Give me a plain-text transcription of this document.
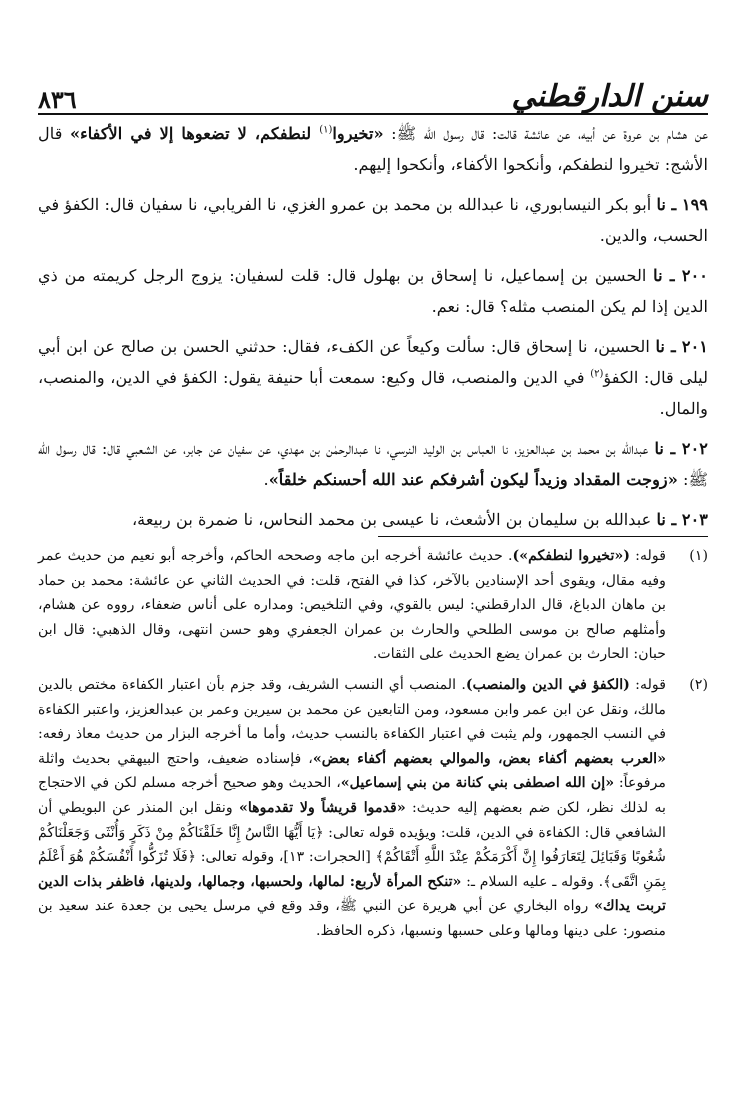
سنن الدارقطني
٨٣٦

عن هشام بن عروة عن أبيه، عن عائشة قالت: قال رسول الله ﷺ: «تخيروا$^{(١)}$ لنطفكم، لا تضعوها إلا في الأكفاء» قال الأشج: تخيروا لنطفكم، وأنكحوا الأكفاء، وأنكحوا إليهم.

١٩٩ ـ نا أبو بكر النيسابوري، نا عبدالله بن محمد بن عمرو الغزي، نا الفريابي، نا سفيان قال: الكفؤ في الحسب، والدين.

٢٠٠ ـ نا الحسين بن إسماعيل، نا إسحاق بن بهلول قال: قلت لسفيان: يزوج الرجل كريمته من ذي الدين إذا لم يكن المنصب مثله؟ قال: نعم.

٢٠١ ـ نا الحسين، نا إسحاق قال: سألت وكيعاً عن الكفء، فقال: حدثني الحسن بن صالح عن ابن أبي ليلى قال: الكفؤ$^{(٢)}$ في الدين والمنصب، قال وكيع: سمعت أبا حنيفة يقول: الكفؤ في الدين، والمنصب، والمال.

٢٠٢ ـ نا عبدالله بن محمد بن عبدالعزيز، نا العباس بن الوليد النرسي، نا عبدالرحمٰن بن مهدي، عن سفيان عن جابر، عن الشعبي قال: قال رسول الله ﷺ: «زوجت المقداد وزيداً ليكون أشرفكم عند الله أحسنكم خلقاً».

٢٠٣ ـ نا عبدالله بن سليمان بن الأشعث، نا عيسى بن محمد النحاس، نا ضمرة بن ربيعة،

(١)
قوله: («تخيروا لنطفكم»). حديث عائشة أخرجه ابن ماجه وصححه الحاكم، وأخرجه أبو نعيم من حديث عمر وفيه مقال، ويقوى أحد الإسنادين بالآخر، كذا في الفتح، قلت: في الحديث الثاني عن عائشة: محمد بن حماد بن ماهان الدباغ، قال الدارقطني: ليس بالقوي، وفي التلخيص: ومداره على أناس ضعفاء، رووه عن هشام، وأمثلهم صالح بن موسى الطلحي والحارث بن عمران الجعفري وهو حسن انتهى، وقال الذهبي: قال ابن حبان: الحارث بن عمران يضع الحديث على الثقات.
(٢)
قوله: (الكفؤ في الدين والمنصب). المنصب أي النسب الشريف، وقد جزم بأن اعتبار الكفاءة مختص بالدين مالك، ونقل عن ابن عمر وابن مسعود، ومن التابعين عن محمد بن سيرين وعمر بن عبدالعزيز، واعتبر الكفاءة في النسب الجمهور، ولم يثبت في اعتبار الكفاءة بالنسب حديث، وأما ما أخرجه البزار من حديث معاذ رفعه: «العرب بعضهم أكفاء بعض، والموالي بعضهم أكفاء بعض»، فإسناده ضعيف، واحتج البيهقي بحديث واثلة مرفوعاً: «إن الله اصطفى بني كنانة من بني إسماعيل»، الحديث وهو صحيح أخرجه مسلم لكن في الاحتجاج به لذلك نظر، لكن ضم بعضهم إليه حديث: «قدموا قريشاً ولا تقدموها» ونقل ابن المنذر عن البويطي أن الشافعي قال: الكفاءة في الدين، قلت: ويؤيده قوله تعالى: ﴿يَا أَيُّهَا النَّاسُ إِنَّا خَلَقْنَاكُمْ مِنْ ذَكَرٍ وَأُنْثَى وَجَعَلْنَاكُمْ شُعُوبًا وَقَبَائِلَ لِتَعَارَفُوا إِنَّ أَكْرَمَكُمْ عِنْدَ اللَّهِ أَتْقَاكُمْ﴾ [الحجرات: ١٣]، وقوله تعالى: ﴿فَلَا تُزَكُّوا أَنْفُسَكُمْ هُوَ أَعْلَمُ بِمَنِ اتَّقَى﴾. وقوله ـ عليه السلام ـ: «تنكح المرأة لأربع: لمالها، ولحسبها، وجمالها، ولدينها، فاظفر بذات الدين تربت يداك» رواه البخاري عن أبي هريرة عن النبي ﷺ، وقد وقع في مرسل يحيى بن جعدة عند سعيد بن منصور: على دينها ومالها وعلى حسبها ونسبها، ذكره الحافظ.
